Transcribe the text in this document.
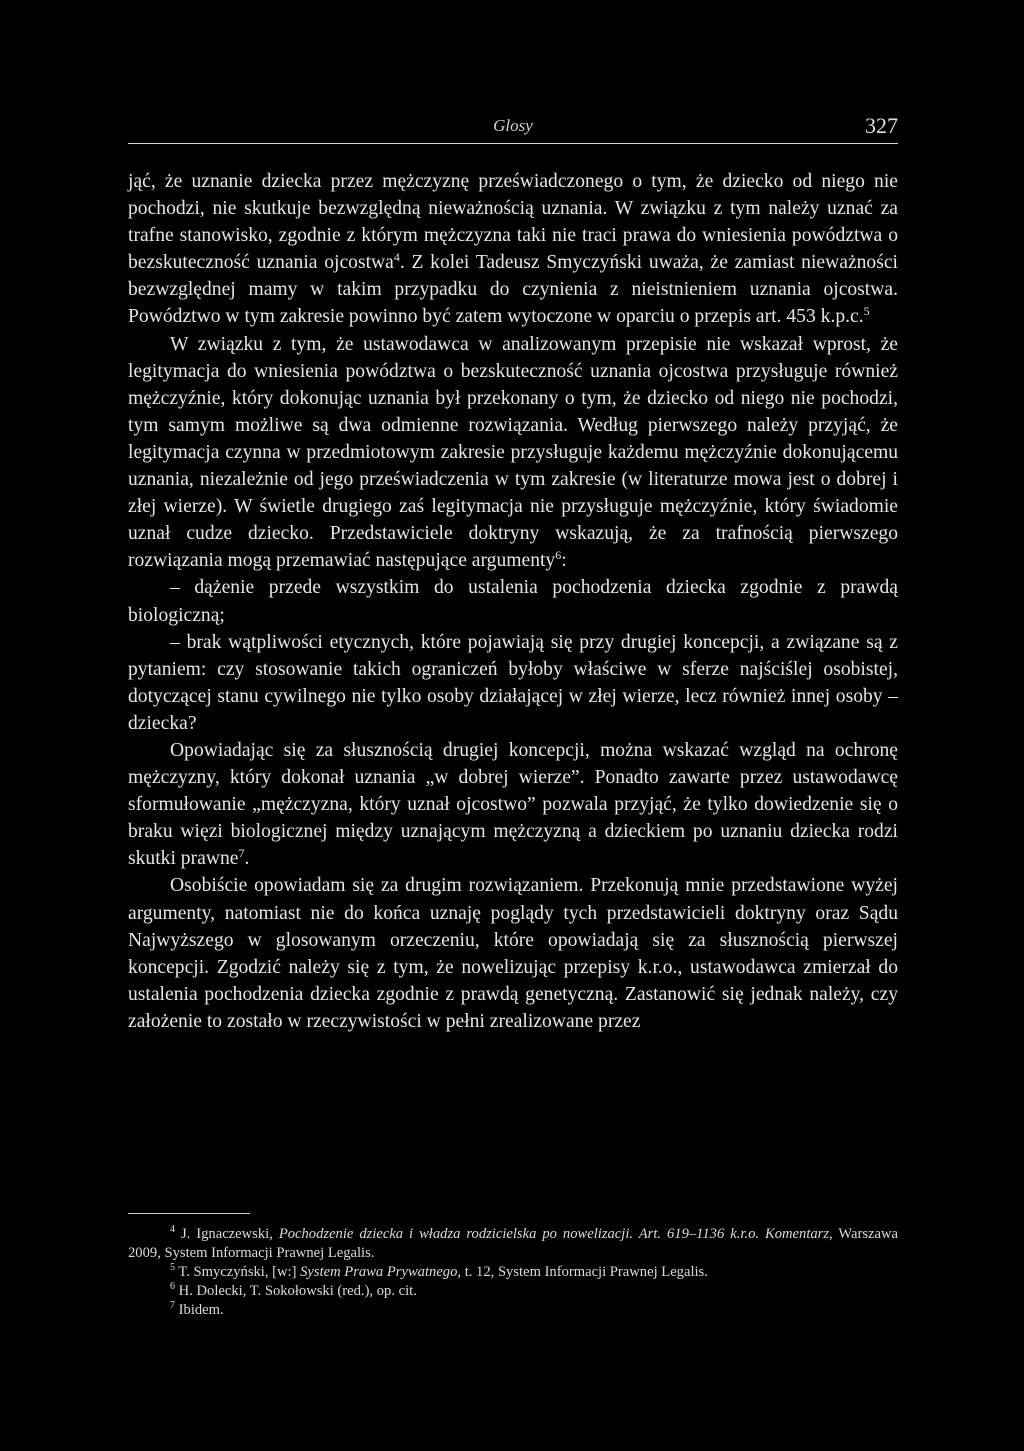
Glosy	327

jąć, że uznanie dziecka przez mężczyznę przeświadczonego o tym, że dziecko od niego nie pochodzi, nie skutkuje bezwzględną nieważnością uznania. W związku z tym należy uznać za trafne stanowisko, zgodnie z którym mężczyzna taki nie traci prawa do wniesienia powództwa o bezskuteczność uznania ojcostwa$^4$. Z kolei Tadeusz Smyczyński uważa, że zamiast nieważności bezwzględnej mamy w takim przypadku do czynienia z nieistnieniem uznania ojcostwa. Powództwo w tym zakresie powinno być zatem wytoczone w oparciu o przepis art. 453 k.p.c.$^5$

W związku z tym, że ustawodawca w analizowanym przepisie nie wskazał wprost, że legitymacja do wniesienia powództwa o bezskuteczność uznania ojcostwa przysługuje również mężczyźnie, który dokonując uznania był przekonany o tym, że dziecko od niego nie pochodzi, tym samym możliwe są dwa odmienne rozwiązania. Według pierwszego należy przyjąć, że legitymacja czynna w przedmiotowym zakresie przysługuje każdemu mężczyźnie dokonującemu uznania, niezależnie od jego przeświadczenia w tym zakresie (w literaturze mowa jest o dobrej i złej wierze). W świetle drugiego zaś legitymacja nie przysługuje mężczyźnie, który świadomie uznał cudze dziecko. Przedstawiciele doktryny wskazują, że za trafnością pierwszego rozwiązania mogą przemawiać następujące argumenty$^6$:

– dążenie przede wszystkim do ustalenia pochodzenia dziecka zgodnie z prawdą biologiczną;

– brak wątpliwości etycznych, które pojawiają się przy drugiej koncepcji, a związane są z pytaniem: czy stosowanie takich ograniczeń byłoby właściwe w sferze najściślej osobistej, dotyczącej stanu cywilnego nie tylko osoby działającej w złej wierze, lecz również innej osoby – dziecka?

Opowiadając się za słusznością drugiej koncepcji, można wskazać wzgląd na ochronę mężczyzny, który dokonał uznania „w dobrej wierze”. Ponadto zawarte przez ustawodawcę sformułowanie „mężczyzna, który uznał ojcostwo” pozwala przyjąć, że tylko dowiedzenie się o braku więzi biologicznej między uznającym mężczyzną a dzieckiem po uznaniu dziecka rodzi skutki prawne$^7$.

Osobiście opowiadam się za drugim rozwiązaniem. Przekonują mnie przedstawione wyżej argumenty, natomiast nie do końca uznaję poglądy tych przedstawicieli doktryny oraz Sądu Najwyższego w glosowanym orzeczeniu, które opowiadają się za słusznością pierwszej koncepcji. Zgodzić należy się z tym, że nowelizując przepisy k.r.o., ustawodawca zmierzał do ustalenia pochodzenia dziecka zgodnie z prawdą genetyczną. Zastanowić się jednak należy, czy założenie to zostało w rzeczywistości w pełni zrealizowane przez

$^4$ J. Ignaczewski, Pochodzenie dziecka i władza rodzicielska po nowelizacji. Art. 619–1136 k.r.o. Komentarz, Warszawa 2009, System Informacji Prawnej Legalis.

$^5$ T. Smyczyński, [w:] System Prawa Prywatnego, t. 12, System Informacji Prawnej Legalis.

$^6$ H. Dolecki, T. Sokołowski (red.), op. cit.

$^7$ Ibidem.
